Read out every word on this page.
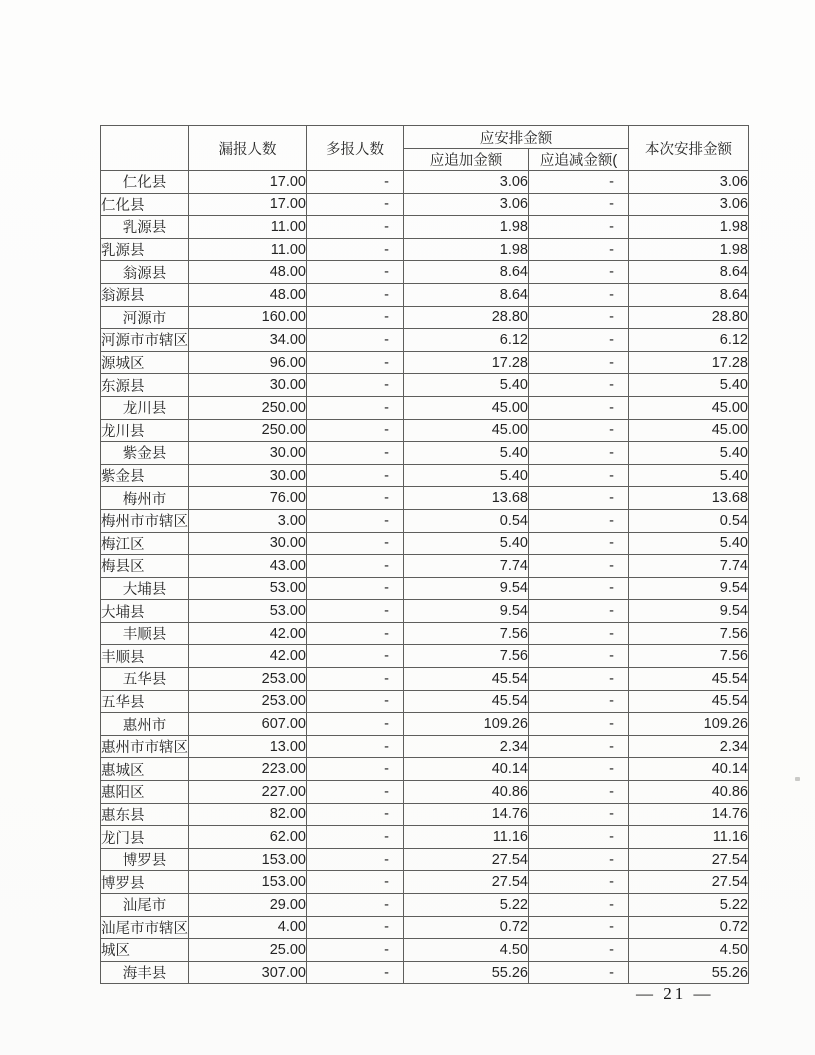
	漏报人数	多报人数	应安排金额		本次安排金额
			应追加金额	应追减金额(	
仁化县	17.00	-	3.06	-	3.06
仁化县	17.00	-	3.06	-	3.06
乳源县	11.00	-	1.98	-	1.98
乳源县	11.00	-	1.98	-	1.98
翁源县	48.00	-	8.64	-	8.64
翁源县	48.00	-	8.64	-	8.64
河源市	160.00	-	28.80	-	28.80
河源市市辖区	34.00	-	6.12	-	6.12
源城区	96.00	-	17.28	-	17.28
东源县	30.00	-	5.40	-	5.40
龙川县	250.00	-	45.00	-	45.00
龙川县	250.00	-	45.00	-	45.00
紫金县	30.00	-	5.40	-	5.40
紫金县	30.00	-	5.40	-	5.40
梅州市	76.00	-	13.68	-	13.68
梅州市市辖区	3.00	-	0.54	-	0.54
梅江区	30.00	-	5.40	-	5.40
梅县区	43.00	-	7.74	-	7.74
大埔县	53.00	-	9.54	-	9.54
大埔县	53.00	-	9.54	-	9.54
丰顺县	42.00	-	7.56	-	7.56
丰顺县	42.00	-	7.56	-	7.56
五华县	253.00	-	45.54	-	45.54
五华县	253.00	-	45.54	-	45.54
惠州市	607.00	-	109.26	-	109.26
惠州市市辖区	13.00	-	2.34	-	2.34
惠城区	223.00	-	40.14	-	40.14
惠阳区	227.00	-	40.86	-	40.86
惠东县	82.00	-	14.76	-	14.76
龙门县	62.00	-	11.16	-	11.16
博罗县	153.00	-	27.54	-	27.54
博罗县	153.00	-	27.54	-	27.54
汕尾市	29.00	-	5.22	-	5.22
汕尾市市辖区	4.00	-	0.72	-	0.72
城区	25.00	-	4.50	-	4.50
海丰县	307.00	-	55.26	-	55.26
— 21 —
